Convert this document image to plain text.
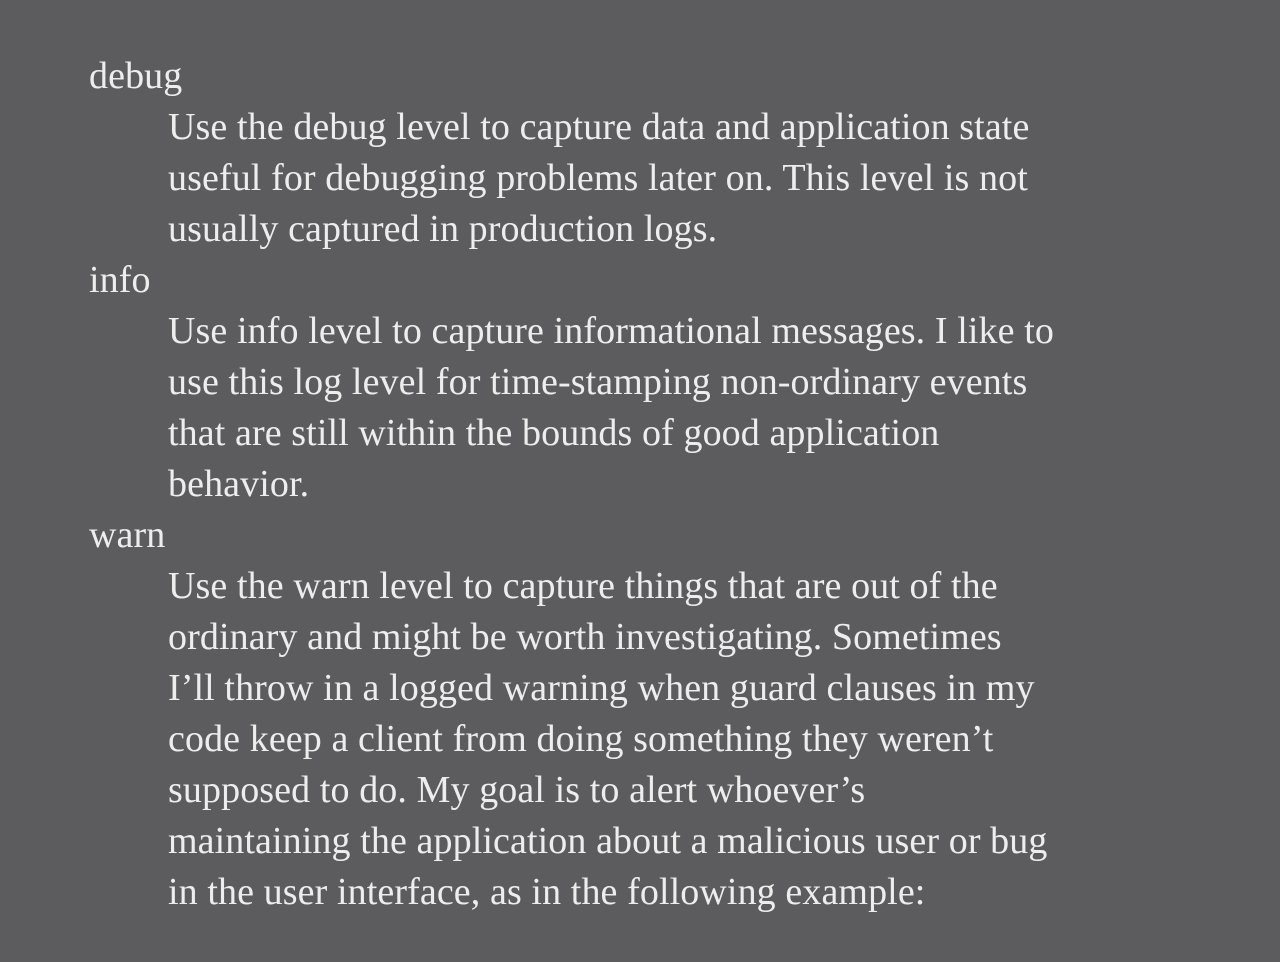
debug
Use the debug level to capture data and application state
useful for debugging problems later on. This level is not
usually captured in production logs.
info
Use info level to capture informational messages. I like to
use this log level for time-stamping non-ordinary events
that are still within the bounds of good application
behavior.
warn
Use the warn level to capture things that are out of the
ordinary and might be worth investigating. Sometimes
I’ll throw in a logged warning when guard clauses in my
code keep a client from doing something they weren’t
supposed to do. My goal is to alert whoever’s
maintaining the application about a malicious user or bug
in the user interface, as in the following example:
